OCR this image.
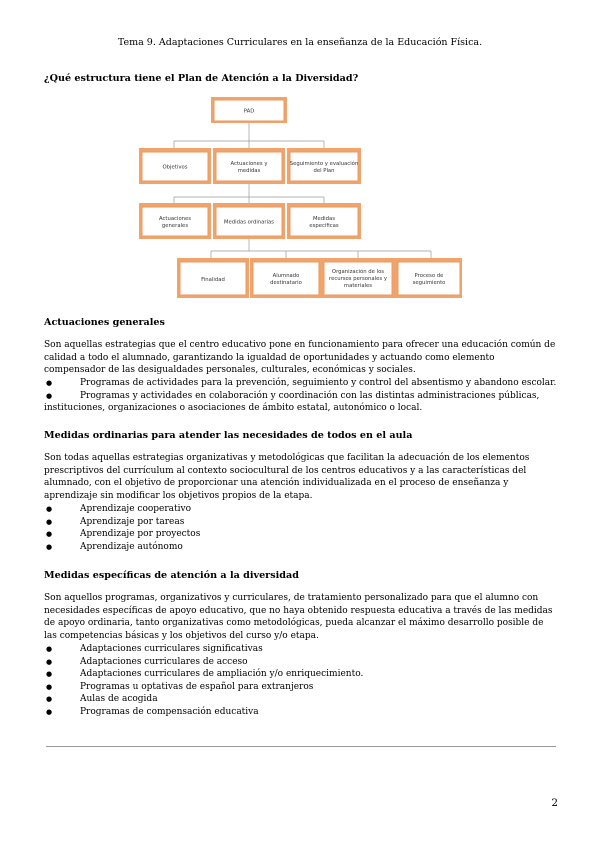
Tema 9. Adaptaciones Curriculares en la enseñanza de la Educación Física.
¿Qué estructura tiene el Plan de Atención a la Diversidad?
PAD
Objetivos
Actuaciones y medidas
Seguimiento y evaluación del Plan
Actuaciones generales
Medidas ordinarias
Medidas específicas
Finalidad
Alumnado destinatario
Organización de los recursos personales y materiales
Proceso de seguimiento
Actuaciones generales

Son aquellas estrategias que el centro educativo pone en funcionamiento para ofrecer una educación común de calidad a todo el alumnado, garantizando la igualdad de oportunidades y actuando como elemento compensador de las desigualdades personales, culturales, económicas y sociales.

● Programas de actividades para la prevención, seguimiento y control del absentismo y abandono escolar.
● Programas y actividades en colaboración y coordinación con las distintas administraciones públicas, instituciones, organizaciones o asociaciones de ámbito estatal, autonómico o local.
Medidas ordinarias para atender las necesidades de todos en el aula

Son todas aquellas estrategias organizativas y metodológicas que facilitan la adecuación de los elementos prescriptivos del currículum al contexto sociocultural de los centros educativos y a las características del alumnado, con el objetivo de proporcionar una atención individualizada en el proceso de enseñanza y aprendizaje sin modificar los objetivos propios de la etapa.

● Aprendizaje cooperativo
● Aprendizaje por tareas
● Aprendizaje por proyectos
● Aprendizaje autónomo
Medidas específicas de atención a la diversidad

Son aquellos programas, organizativos y curriculares, de tratamiento personalizado para que el alumno con necesidades específicas de apoyo educativo, que no haya obtenido respuesta educativa a través de las medidas de apoyo ordinaria, tanto organizativas como metodológicas, pueda alcanzar el máximo desarrollo posible de las competencias básicas y los objetivos del curso y/o etapa.

● Adaptaciones curriculares significativas
● Adaptaciones curriculares de acceso
● Adaptaciones curriculares de ampliación y/o enriquecimiento.
● Programas u optativas de español para extranjeros
● Aulas de acogida
● Programas de compensación educativa
2
